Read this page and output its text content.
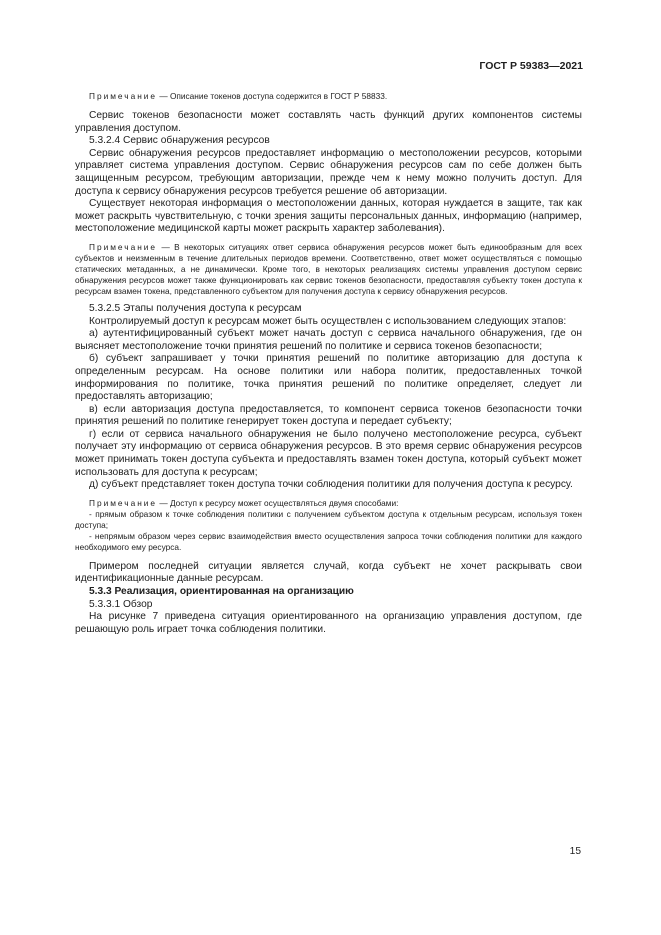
ГОСТ Р 59383—2021

Примечание — Описание токенов доступа содержится в ГОСТ Р 58833.

Сервис токенов безопасности может составлять часть функций других компонентов системы управления доступом.

5.3.2.4 Сервис обнаружения ресурсов

Сервис обнаружения ресурсов предоставляет информацию о местоположении ресурсов, которыми управляет система управления доступом. Сервис обнаружения ресурсов сам по себе должен быть защищенным ресурсом, требующим авторизации, прежде чем к нему можно получить доступ. Для доступа к сервису обнаружения ресурсов требуется решение об авторизации.

Существует некоторая информация о местоположении данных, которая нуждается в защите, так как может раскрыть чувствительную, с точки зрения защиты персональных данных, информацию (например, местоположение медицинской карты может раскрыть характер заболевания).

Примечание — В некоторых ситуациях ответ сервиса обнаружения ресурсов может быть единообразным для всех субъектов и неизменным в течение длительных периодов времени. Соответственно, ответ может осуществляться с помощью статических метаданных, а не динамически. Кроме того, в некоторых реализациях системы управления доступом сервис обнаружения ресурсов может также функционировать как сервис токенов безопасности, предоставляя субъекту токен доступа к ресурсам взамен токена, представленного субъектом для получения доступа к сервису обнаружения ресурсов.

5.3.2.5 Этапы получения доступа к ресурсам

Контролируемый доступ к ресурсам может быть осуществлен с использованием следующих этапов:

а) аутентифицированный субъект может начать доступ с сервиса начального обнаружения, где он выясняет местоположение точки принятия решений по политике и сервиса токенов безопасности;

б) субъект запрашивает у точки принятия решений по политике авторизацию для доступа к определенным ресурсам. На основе политики или набора политик, предоставленных точкой информирования по политике, точка принятия решений по политике определяет, следует ли предоставлять авторизацию;

в) если авторизация доступа предоставляется, то компонент сервиса токенов безопасности точки принятия решений по политике генерирует токен доступа и передает субъекту;

г) если от сервиса начального обнаружения не было получено местоположение ресурса, субъект получает эту информацию от сервиса обнаружения ресурсов. В это время сервис обнаружения ресурсов может принимать токен доступа субъекта и предоставлять взамен токен доступа, который субъект может использовать для доступа к ресурсам;

д) субъект представляет токен доступа точки соблюдения политики для получения доступа к ресурсу.

Примечание — Доступ к ресурсу может осуществляться двумя способами:

- прямым образом к точке соблюдения политики с получением субъектом доступа к отдельным ресурсам, используя токен доступа;

- непрямым образом через сервис взаимодействия вместо осуществления запроса точки соблюдения политики для каждого необходимого ему ресурса.

Примером последней ситуации является случай, когда субъект не хочет раскрывать свои идентификационные данные ресурсам.

5.3.3 Реализация, ориентированная на организацию

5.3.3.1 Обзор

На рисунке 7 приведена ситуация ориентированного на организацию управления доступом, где решающую роль играет точка соблюдения политики.

15
